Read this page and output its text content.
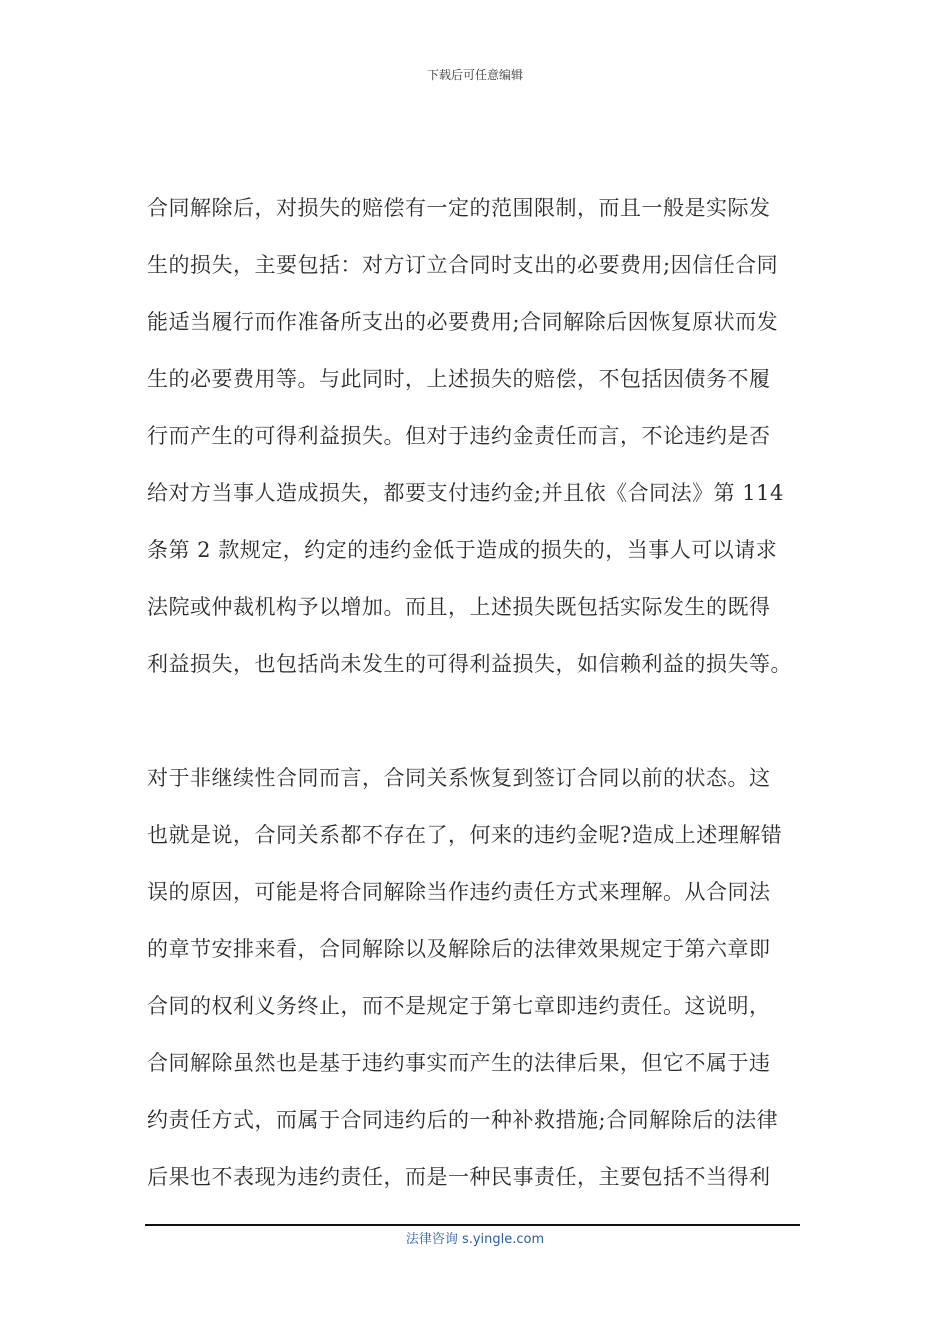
下载后可任意编辑
合同解除后，对损失的赔偿有一定的范围限制，而且一般是实际发
生的损失，主要包括：对方订立合同时支出的必要费用;因信任合同
能适当履行而作准备所支出的必要费用;合同解除后因恢复原状而发
生的必要费用等。与此同时，上述损失的赔偿，不包括因债务不履
行而产生的可得利益损失。但对于违约金责任而言，不论违约是否
给对方当事人造成损失，都要支付违约金;并且依《合同法》第 114
条第 2 款规定，约定的违约金低于造成的损失的，当事人可以请求
法院或仲裁机构予以增加。而且，上述损失既包括实际发生的既得
利益损失，也包括尚未发生的可得利益损失，如信赖利益的损失等。
对于非继续性合同而言，合同关系恢复到签订合同以前的状态。这
也就是说，合同关系都不存在了，何来的违约金呢?造成上述理解错
误的原因，可能是将合同解除当作违约责任方式来理解。从合同法
的章节安排来看，合同解除以及解除后的法律效果规定于第六章即
合同的权利义务终止，而不是规定于第七章即违约责任。这说明，
合同解除虽然也是基于违约事实而产生的法律后果，但它不属于违
约责任方式，而属于合同违约后的一种补救措施;合同解除后的法律
后果也不表现为违约责任，而是一种民事责任，主要包括不当得利
法律咨询 s.yingle.com
